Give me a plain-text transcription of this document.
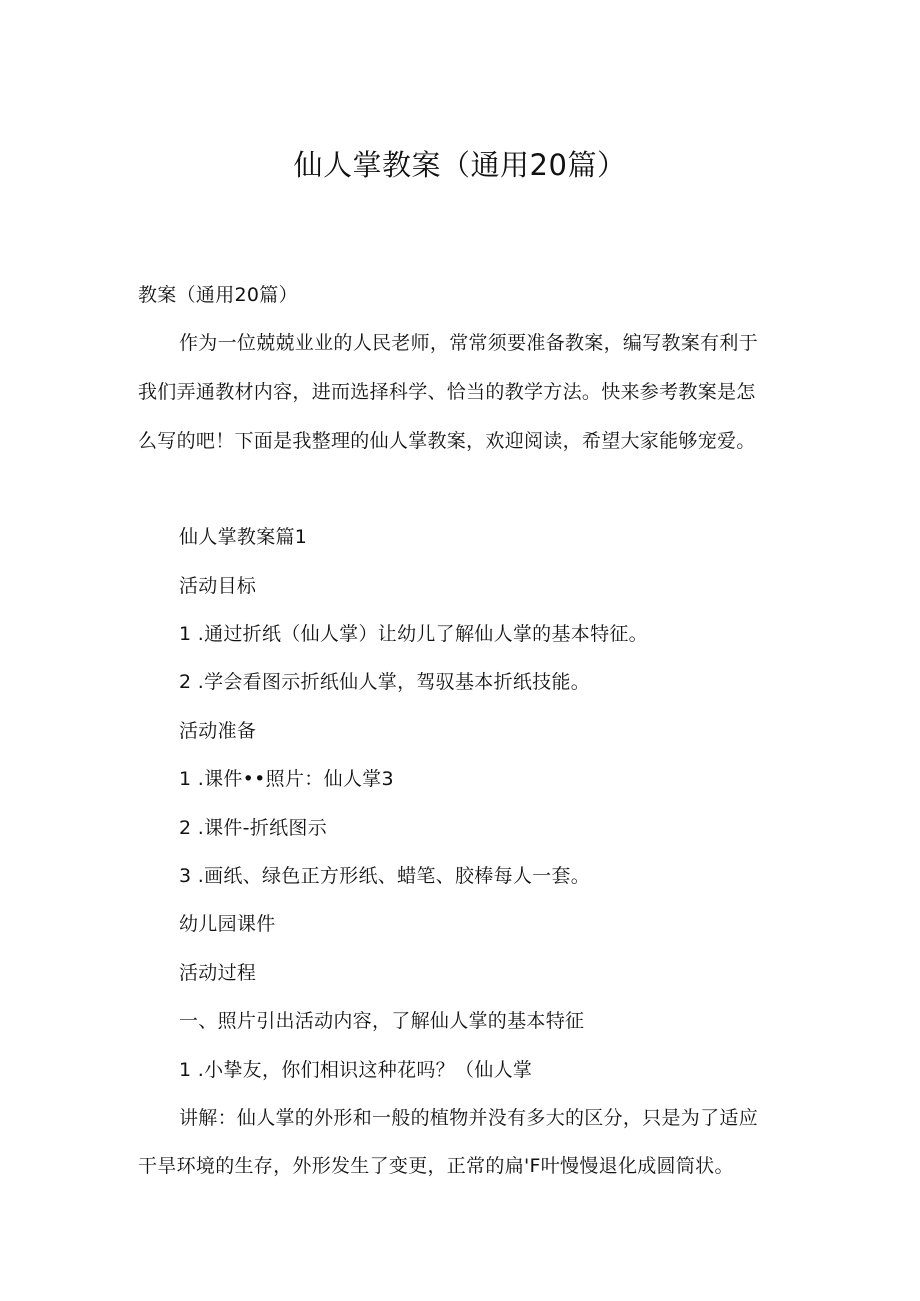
仙人掌教案（通用20篇）

教案（通用20篇）

作为一位兢兢业业的人民老师，常常须要准备教案，编写教案有利于

我们弄通教材内容，进而选择科学、恰当的教学方法。快来参考教案是怎

么写的吧！下面是我整理的仙人掌教案，欢迎阅读，希望大家能够宠爱。

仙人掌教案篇1

活动目标

1 .通过折纸（仙人掌）让幼儿了解仙人掌的基本特征。

2 .学会看图示折纸仙人掌，驾驭基本折纸技能。

活动准备

1 .课件••照片：仙人掌3

2 .课件-折纸图示

3 .画纸、绿色正方形纸、蜡笔、胶棒每人一套。

幼儿园课件

活动过程

一、照片引出活动内容，了解仙人掌的基本特征

1 .小挚友，你们相识这种花吗？（仙人掌

讲解：仙人掌的外形和一般的植物并没有多大的区分，只是为了适应

干旱环境的生存，外形发生了变更，正常的扁'F叶慢慢退化成圆筒状。
